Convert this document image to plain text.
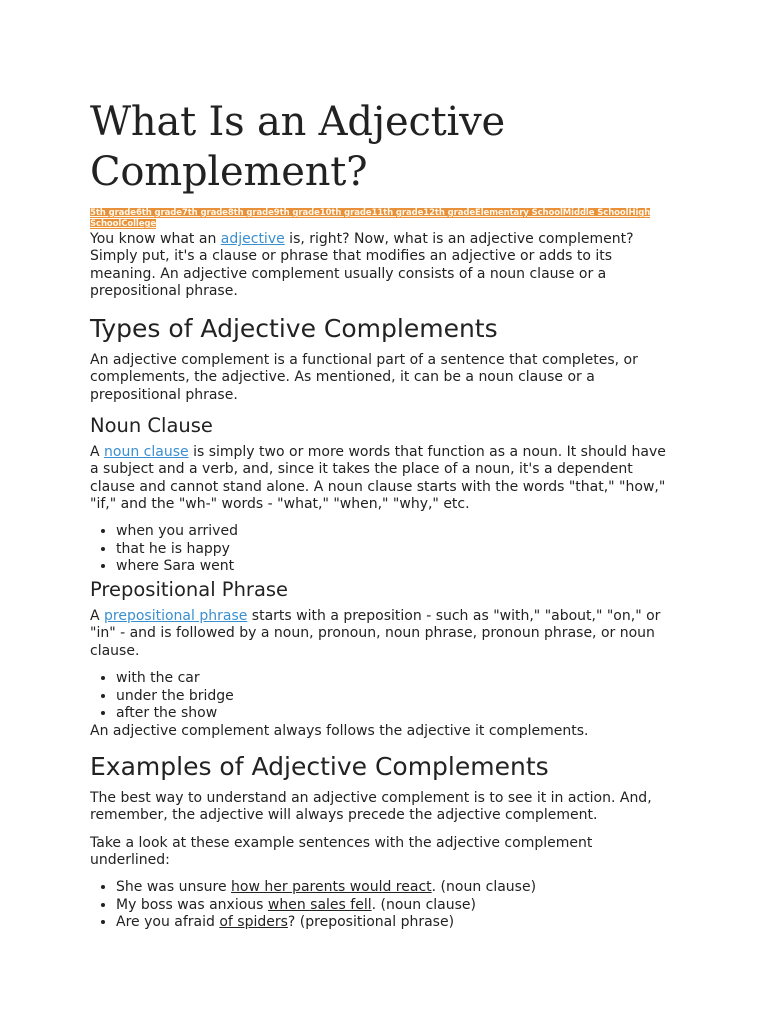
What Is an Adjective Complement?
5th grade6th grade7th grade8th grade9th grade10th grade11th grade12th gradeElementary SchoolMiddle SchoolHigh SchoolCollege

You know what an adjective is, right? Now, what is an adjective complement? Simply put, it's a clause or phrase that modifies an adjective or adds to its meaning. An adjective complement usually consists of a noun clause or a prepositional phrase.

Types of Adjective Complements

An adjective complement is a functional part of a sentence that completes, or complements, the adjective. As mentioned, it can be a noun clause or a prepositional phrase.

Noun Clause

A noun clause is simply two or more words that function as a noun. It should have a subject and a verb, and, since it takes the place of a noun, it's a dependent clause and cannot stand alone. A noun clause starts with the words "that," "how," "if," and the "wh-" words - "what," "when," "why," etc.

• when you arrived
• that he is happy
• where Sara went
Prepositional Phrase

A prepositional phrase starts with a preposition - such as "with," "about," "on," or "in" - and is followed by a noun, pronoun, noun phrase, pronoun phrase, or noun clause.

• with the car
• under the bridge
• after the show

An adjective complement always follows the adjective it complements.

Examples of Adjective Complements

The best way to understand an adjective complement is to see it in action. And, remember, the adjective will always precede the adjective complement.

Take a look at these example sentences with the adjective complement underlined:

• She was unsure how her parents would react. (noun clause)
• My boss was anxious when sales fell. (noun clause)
• Are you afraid of spiders? (prepositional phrase)
